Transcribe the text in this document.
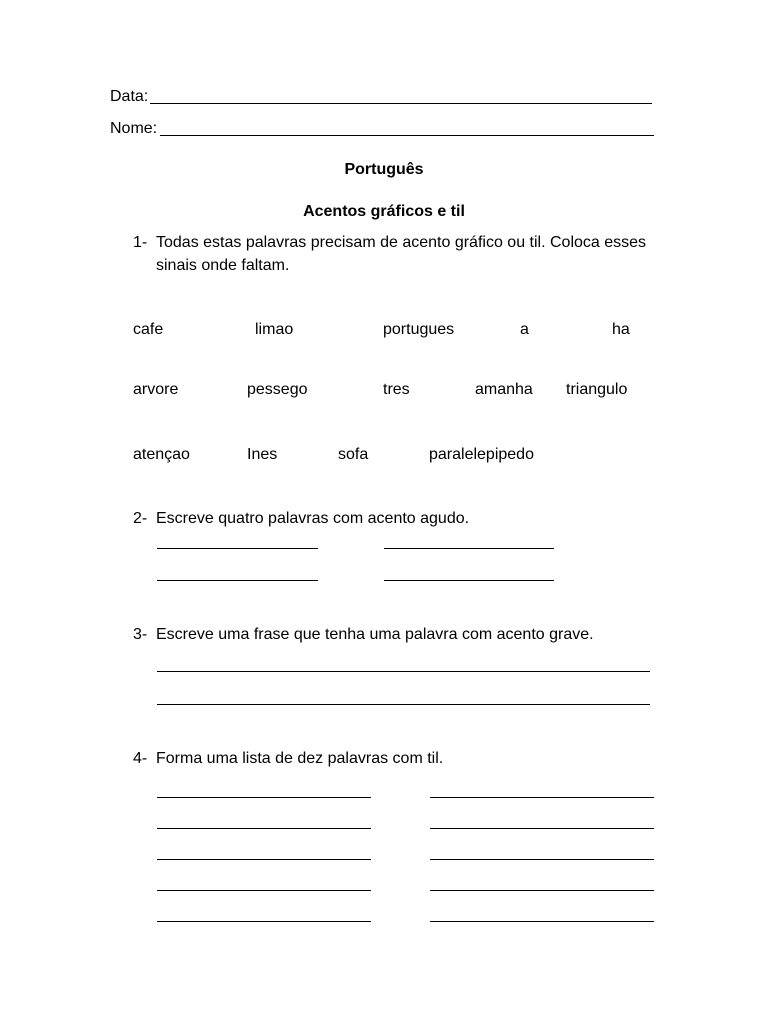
Data:
Nome:
Português
Acentos gráficos e til
1- Todas estas palavras precisam de acento gráfico ou til. Coloca esses
sinais onde faltam.
cafe	limao	portugues	a	ha
arvore	pessego	tres	amanha triangulo
atençao	Ines	sofa	paralelepipedo
2- Escreve quatro palavras com acento agudo.
3- Escreve uma frase que tenha uma palavra com acento grave.
4- Forma uma lista de dez palavras com til.
